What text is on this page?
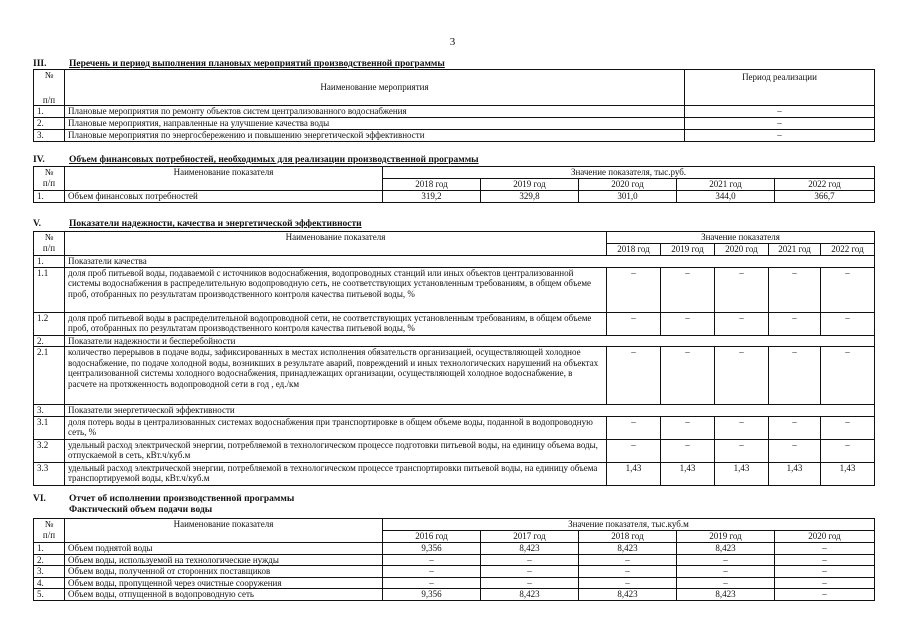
3
III. Перечень и период выполнения плановых мероприятий производственной программы
№
п/п	Наименование мероприятия	Период реализации
1.	Плановые мероприятия по ремонту объектов систем централизованного водоснабжения	–
2.	Плановые мероприятия, направленные на улучшение качества воды	–
3.	Плановые мероприятия по энергосбережению и повышению энергетической эффективности	–
IV.	Объем финансовых потребностей, необходимых для реализации производственной программы
№
п/п	Наименование показателя	Значение показателя, тыс.руб.				
		2018 год	2019 год	2020 год	2021 год	2022 год
1.	Объем финансовых потребностей	319,2	329,8	301,0	344,0	366,7
V.	Показатели надежности, качества и энергетической эффективности
№
п/п	Наименование показателя	Значение показателя				
		2018 год	2019 год	2020 год	2021 год	2022 год
1.	Показатели качества					
1.1	доля проб питьевой воды, подаваемой с источников водоснабжения, водопроводных станций или иных объектов централизованной системы водоснабжения в распределительную водопроводную сеть, не соответствующих установленным требованиям, в общем объеме проб, отобранных по результатам производственного контроля качества питьевой воды, %	–	–	–	–	–
1.2	доля проб питьевой воды в распределительной водопроводной сети, не соответствующих установленным требованиям, в общем объеме проб, отобранных по результатам производственного контроля качества питьевой воды, %	–	–	–	–	–
2.	Показатели надежности и бесперебойности					
2.1	количество перерывов в подаче воды, зафиксированных в местах исполнения обязательств организацией, осуществляющей холодное водоснабжение, по подаче холодной воды, возникших в результате аварий, повреждений и иных технологических нарушений на объектах централизованной системы холодного водоснабжения, принадлежащих организации, осуществляющей холодное водоснабжение, в расчете на протяженность водопроводной сети в год , ед./км	–	–	–	–	–
3.	Показатели энергетической эффективности					
3.1	доля потерь воды в централизованных системах водоснабжения при транспортировке в общем объеме воды, поданной в водопроводную сеть, %	–	–	–	–	–
3.2	удельный расход электрической энергии, потребляемой в технологическом процессе подготовки питьевой воды, на единицу объема воды, отпускаемой в сеть, кВт.ч/куб.м	–	–	–	–	–
3.3	удельный расход электрической энергии, потребляемой в технологическом процессе транспортировки питьевой воды, на единицу объема транспортируемой воды, кВт.ч/куб.м	1,43	1,43	1,43	1,43	1,43
VI. Отчет об исполнении производственной программы
Фактический объем подачи воды
№
п/п	Наименование показателя	Значение показателя, тыс.куб.м				
		2016 год	2017 год	2018 год	2019 год	2020 год
1.	Объем поднятой воды	9,356	8,423	8,423	8,423	–
2.	Объем воды, используемой на технологические нужды	–	–	–	–	–
3.	Объем воды, полученной от сторонних поставщиков	–	–	–	–	–
4.	Объем воды, пропущенной через очистные сооружения	–	–	–	–	–
5.	Объем воды, отпущенной в водопроводную сеть	9,356	8,423	8,423	8,423	–
